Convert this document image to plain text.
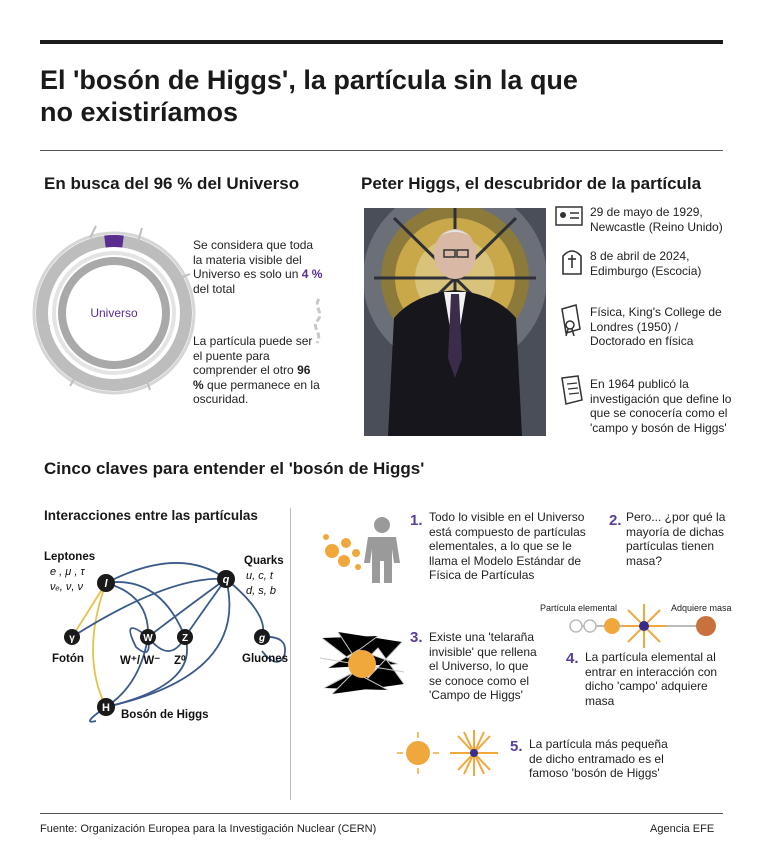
El 'bosón de Higgs', la partícula sin la que no existiríamos
En busca del 96 % del Universo
Universo
Se considera que toda la materia visible del Universo es solo un 4 % del total
La partícula puede ser el puente para comprender el otro 96 % que permanece en la oscuridad.
Peter Higgs, el descubridor de la partícula
29 de mayo de 1929, Newcastle (Reino Unido)
8 de abril de 2024, Edimburgo (Escocia)
Física, King's College de Londres (1950) / Doctorado en física
En 1964 publicó la investigación que define lo que se conocería como el 'campo y bosón de Higgs'
Cinco claves para entender el 'bosón de Higgs'
Interacciones entre las partículas
l	q
γ	W	Z	g
H
Leptones
e , μ , τ
νₑ, ν, ν
Quarks
u, c, t
d, s, b
Fotón	W⁺/ W⁻ Z⁰	Gluones
Bosón de Higgs
1. Todo lo visible en el Universo está compuesto de partículas elementales, a lo que se le llama el Modelo Estándar de Física de Partículas
2. Pero... ¿por qué la mayoría de dichas partículas tienen masa?
Partícula elemental	Adquiere masa
3. Existe una 'telaraña invisible' que rellena el Universo, lo que se conoce como el 'Campo de Higgs'
4. La partícula elemental al entrar en interacción con dicho 'campo' adquiere masa
5. La partícula más pequeña de dicho entramado es el famoso 'bosón de Higgs'
Fuente: Organización Europea para la Investigación Nuclear (CERN)	Agencia EFE
